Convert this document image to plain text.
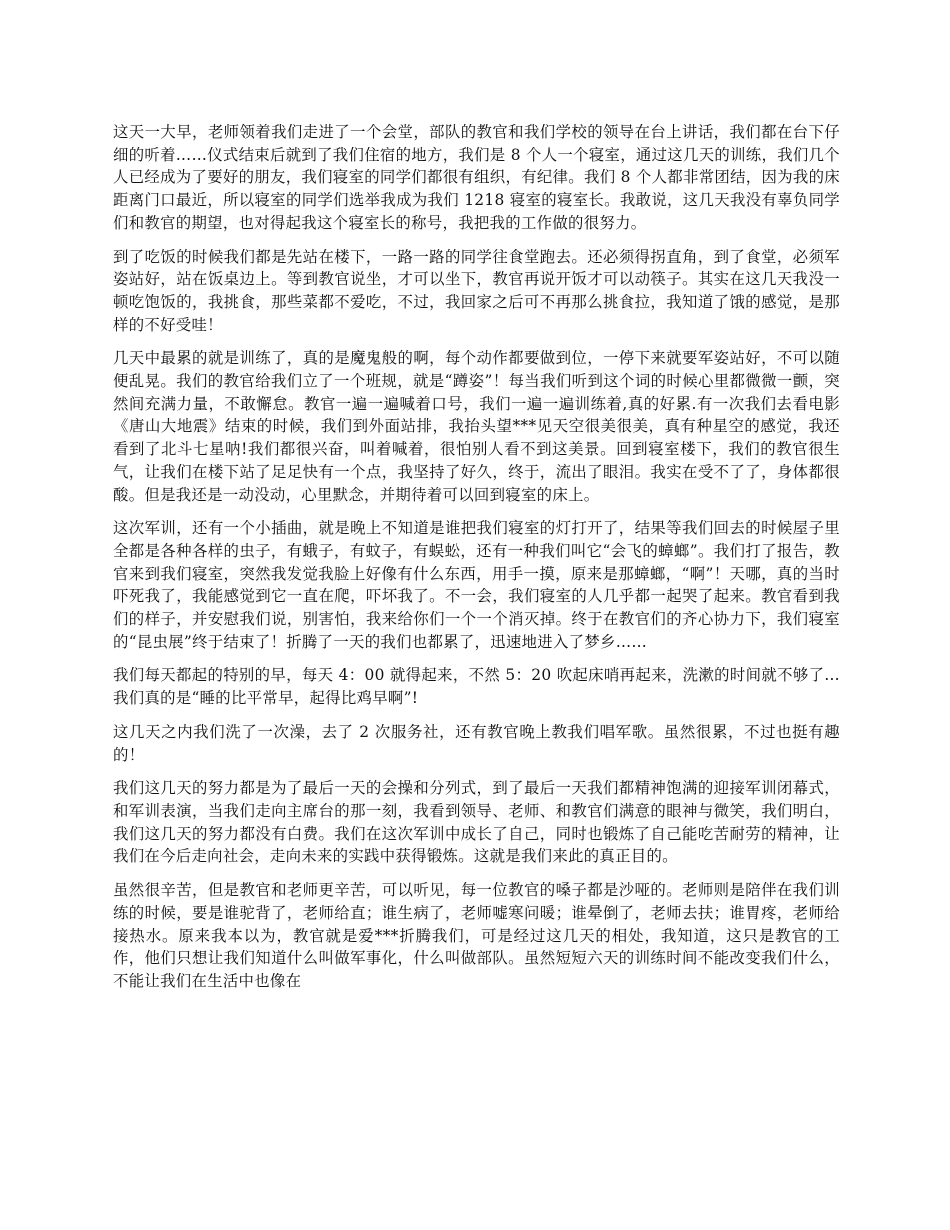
这天一大早，老师领着我们走进了一个会堂，部队的教官和我们学校的领导在台上讲话，我们都在台下仔细的听着……仪式结束后就到了我们住宿的地方，我们是 8 个人一个寝室，通过这几天的训练，我们几个人已经成为了要好的朋友，我们寝室的同学们都很有组织，有纪律。我们 8 个人都非常团结，因为我的床距离门口最近，所以寝室的同学们选举我成为我们 1218 寝室的寝室长。我敢说，这几天我没有辜负同学们和教官的期望，也对得起我这个寝室长的称号，我把我的工作做的很努力。

到了吃饭的时候我们都是先站在楼下，一路一路的同学往食堂跑去。还必须得拐直角，到了食堂，必须军姿站好，站在饭桌边上。等到教官说坐，才可以坐下，教官再说开饭才可以动筷子。其实在这几天我没一顿吃饱饭的，我挑食，那些菜都不爱吃，不过，我回家之后可不再那么挑食拉，我知道了饿的感觉，是那样的不好受哇！

几天中最累的就是训练了，真的是魔鬼般的啊，每个动作都要做到位，一停下来就要军姿站好，不可以随便乱晃。我们的教官给我们立了一个班规，就是“蹲姿”！每当我们听到这个词的时候心里都微微一颤，突然间充满力量，不敢懈怠。教官一遍一遍喊着口号，我们一遍一遍训练着,真的好累.有一次我们去看电影《唐山大地震》结束的时候，我们到外面站排，我抬头望***见天空很美很美，真有种星空的感觉，我还看到了北斗七星呐!我们都很兴奋，叫着喊着，很怕别人看不到这美景。回到寝室楼下，我们的教官很生气，让我们在楼下站了足足快有一个点，我坚持了好久，终于，流出了眼泪。我实在受不了了，身体都很酸。但是我还是一动没动，心里默念，并期待着可以回到寝室的床上。

这次军训，还有一个小插曲，就是晚上不知道是谁把我们寝室的灯打开了，结果等我们回去的时候屋子里全都是各种各样的虫子，有蛾子，有蚊子，有蜈蚣，还有一种我们叫它“会飞的蟑螂”。我们打了报告，教官来到我们寝室，突然我发觉我脸上好像有什么东西，用手一摸，原来是那蟑螂，“啊”！天哪，真的当时吓死我了，我能感觉到它一直在爬，吓坏我了。不一会，我们寝室的人几乎都一起哭了起来。教官看到我们的样子，并安慰我们说，别害怕，我来给你们一个一个消灭掉。终于在教官们的齐心协力下，我们寝室的“昆虫展”终于结束了！折腾了一天的我们也都累了，迅速地进入了梦乡……

我们每天都起的特别的早，每天 4：00 就得起来，不然 5：20 吹起床哨再起来，洗漱的时间就不够了…我们真的是“睡的比平常早，起得比鸡早啊”!

这几天之内我们洗了一次澡，去了 2 次服务社，还有教官晚上教我们唱军歌。虽然很累，不过也挺有趣的！

我们这几天的努力都是为了最后一天的会操和分列式，到了最后一天我们都精神饱满的迎接军训闭幕式，和军训表演，当我们走向主席台的那一刻，我看到领导、老师、和教官们满意的眼神与微笑，我们明白，我们这几天的努力都没有白费。我们在这次军训中成长了自己，同时也锻炼了自己能吃苦耐劳的精神，让我们在今后走向社会，走向未来的实践中获得锻炼。这就是我们来此的真正目的。

虽然很辛苦，但是教官和老师更辛苦，可以听见，每一位教官的嗓子都是沙哑的。老师则是陪伴在我们训练的时候，要是谁驼背了，老师给直；谁生病了，老师嘘寒问暖；谁晕倒了，老师去扶；谁胃疼，老师给接热水。原来我本以为，教官就是爱***折腾我们，可是经过这几天的相处，我知道，这只是教官的工作，他们只想让我们知道什么叫做军事化，什么叫做部队。虽然短短六天的训练时间不能改变我们什么，不能让我们在生活中也像在
